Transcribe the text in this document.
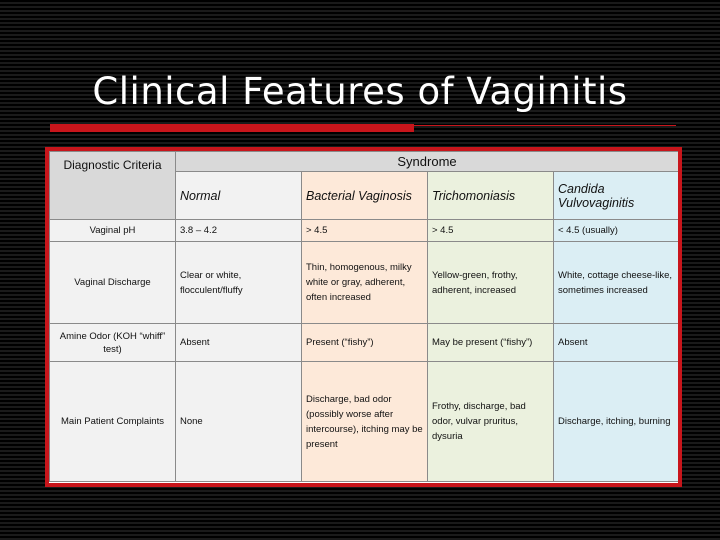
Clinical Features of Vaginitis
Diagnostic Criteria	Syndrome			
	Normal	Bacterial Vaginosis	Trichomoniasis	Candida Vulvovaginitis
Vaginal pH	3.8 – 4.2	> 4.5	> 4.5	< 4.5 (usually)
Vaginal Discharge	Clear or white, flocculent/fluffy	Thin, homogenous, milky white or gray, adherent, often increased	Yellow-green, frothy, adherent, increased	White, cottage cheese-like, sometimes increased
Amine Odor (KOH “whiff” test)	Absent	Present (“fishy”)	May be present (“fishy”)	Absent
Main Patient Complaints	None	Discharge, bad odor (possibly worse after intercourse), itching may be present	Frothy, discharge, bad odor, vulvar pruritus, dysuria	Discharge, itching, burning
